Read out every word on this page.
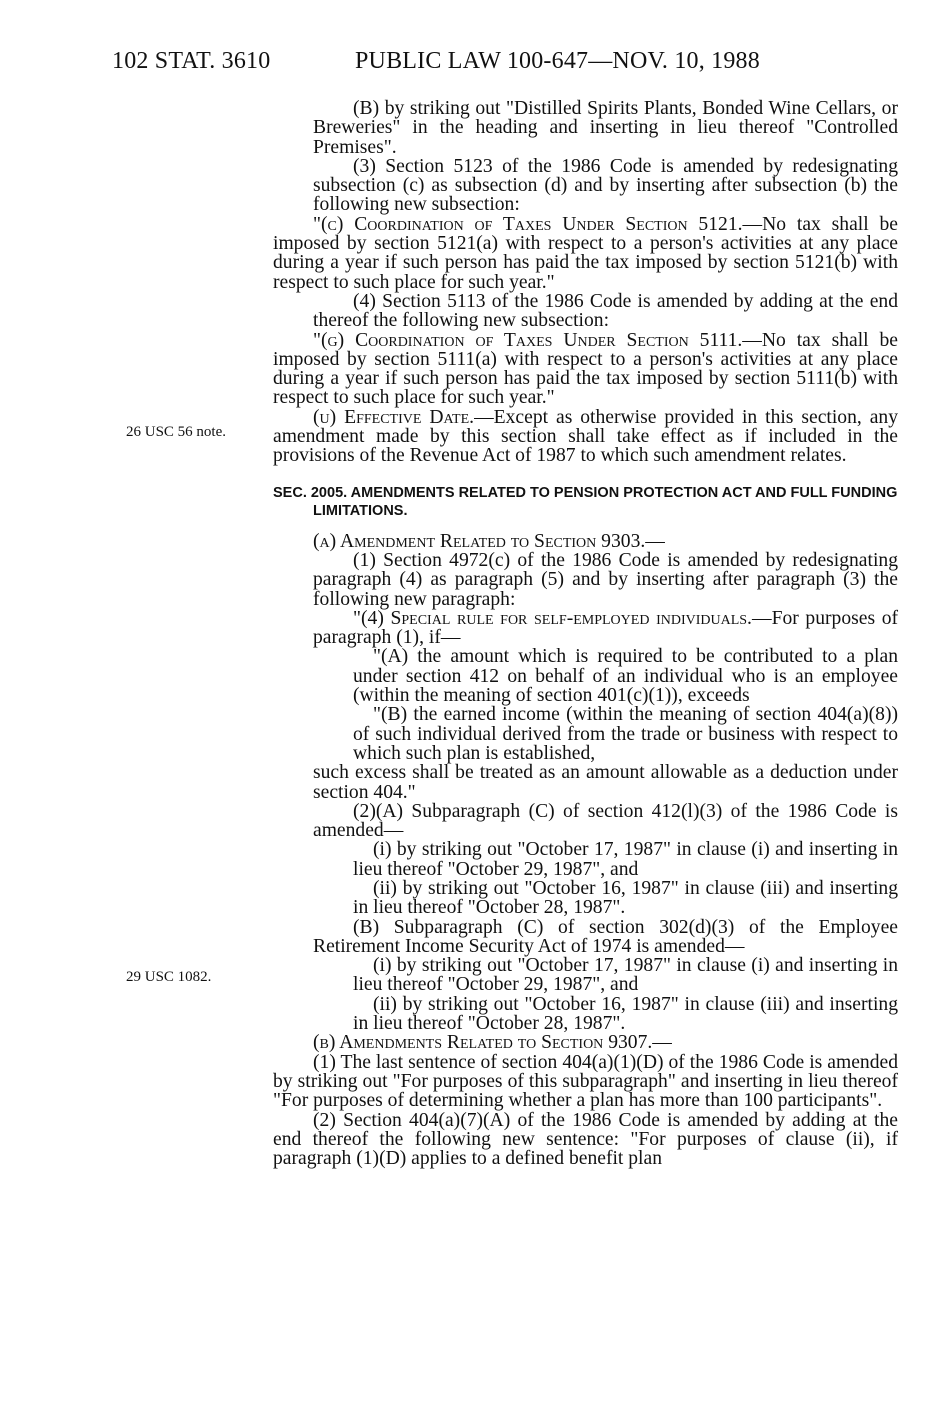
102 STAT. 3610	PUBLIC LAW 100-647—NOV. 10, 1988
26 USC 56 note.
29 USC 1082.

(B) by striking out "Distilled Spirits Plants, Bonded Wine Cellars, or Breweries" in the heading and inserting in lieu thereof "Controlled Premises".

(3) Section 5123 of the 1986 Code is amended by redesignating subsection (c) as subsection (d) and by inserting after subsection (b) the following new subsection:

"(c) Coordination of Taxes Under Section 5121.—No tax shall be imposed by section 5121(a) with respect to a person's activities at any place during a year if such person has paid the tax imposed by section 5121(b) with respect to such place for such year."

(4) Section 5113 of the 1986 Code is amended by adding at the end thereof the following new subsection:

"(g) Coordination of Taxes Under Section 5111.—No tax shall be imposed by section 5111(a) with respect to a person's activities at any place during a year if such person has paid the tax imposed by section 5111(b) with respect to such place for such year."

(u) Effective Date.—Except as otherwise provided in this section, any amendment made by this section shall take effect as if included in the provisions of the Revenue Act of 1987 to which such amendment relates.

SEC. 2005. AMENDMENTS RELATED TO PENSION PROTECTION ACT AND FULL FUNDING LIMITATIONS.

(a) Amendment Related to Section 9303.—

(1) Section 4972(c) of the 1986 Code is amended by redesignating paragraph (4) as paragraph (5) and by inserting after paragraph (3) the following new paragraph:

"(4) Special rule for self-employed individuals.—For purposes of paragraph (1), if—

"(A) the amount which is required to be contributed to a plan under section 412 on behalf of an individual who is an employee (within the meaning of section 401(c)(1)), exceeds

"(B) the earned income (within the meaning of section 404(a)(8)) of such individual derived from the trade or business with respect to which such plan is established,

such excess shall be treated as an amount allowable as a deduction under section 404."

(2)(A) Subparagraph (C) of section 412(l)(3) of the 1986 Code is amended—

(i) by striking out "October 17, 1987" in clause (i) and inserting in lieu thereof "October 29, 1987", and

(ii) by striking out "October 16, 1987" in clause (iii) and inserting in lieu thereof "October 28, 1987".

(B) Subparagraph (C) of section 302(d)(3) of the Employee Retirement Income Security Act of 1974 is amended—

(i) by striking out "October 17, 1987" in clause (i) and inserting in lieu thereof "October 29, 1987", and

(ii) by striking out "October 16, 1987" in clause (iii) and inserting in lieu thereof "October 28, 1987".

(b) Amendments Related to Section 9307.—

(1) The last sentence of section 404(a)(1)(D) of the 1986 Code is amended by striking out "For purposes of this subparagraph" and inserting in lieu thereof "For purposes of determining whether a plan has more than 100 participants".

(2) Section 404(a)(7)(A) of the 1986 Code is amended by adding at the end thereof the following new sentence: "For purposes of clause (ii), if paragraph (1)(D) applies to a defined benefit plan
